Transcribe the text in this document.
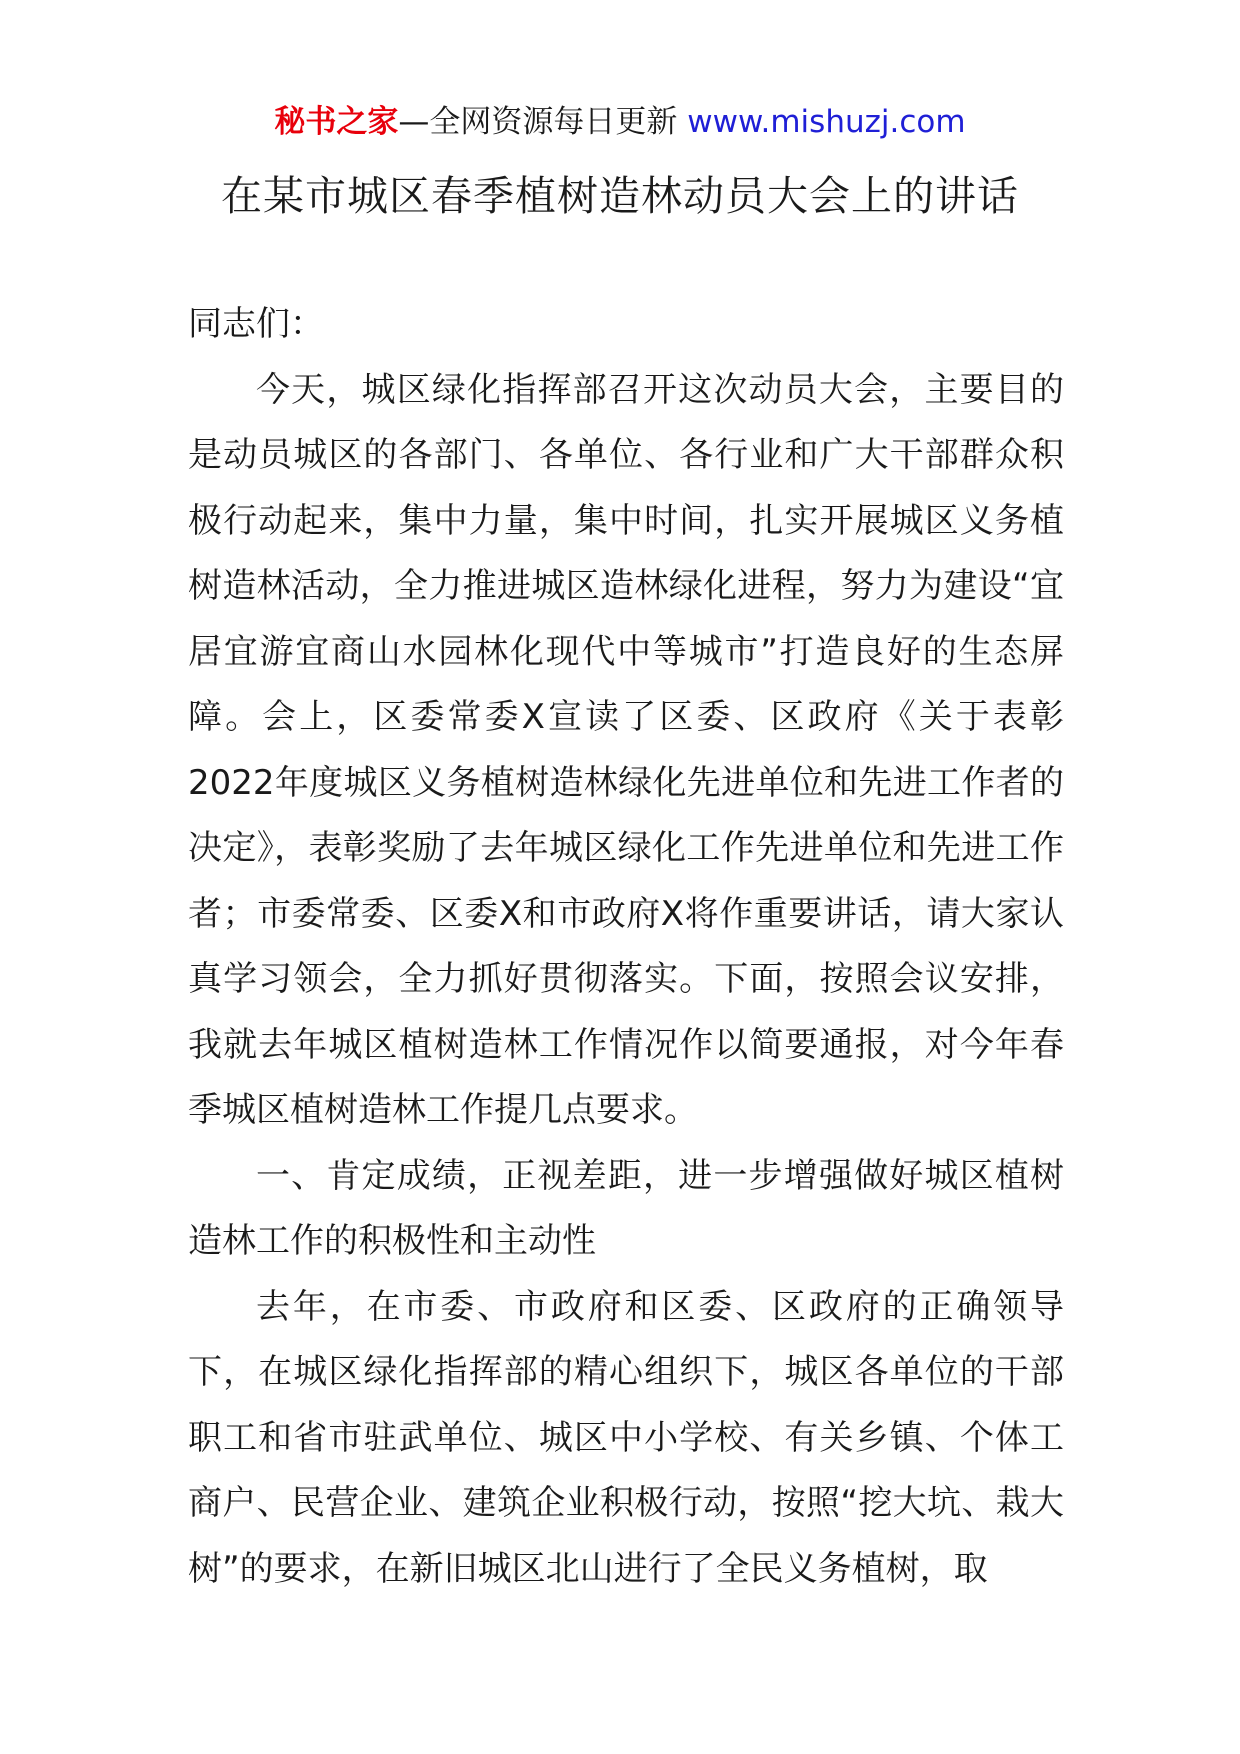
秘书之家—全网资源每日更新 www.mishuzj.com
在某市城区春季植树造林动员大会上的讲话

同志们：

今天，城区绿化指挥部召开这次动员大会，主要目的是动员城区的各部门、各单位、各行业和广大干部群众积极行动起来，集中力量，集中时间，扎实开展城区义务植树造林活动，全力推进城区造林绿化进程，努力为建设“宜居宜游宜商山水园林化现代中等城市”打造良好的生态屏障。会上，区委常委X宣读了区委、区政府《关于表彰2022年度城区义务植树造林绿化先进单位和先进工作者的决定》，表彰奖励了去年城区绿化工作先进单位和先进工作者；市委常委、区委X和市政府X将作重要讲话，请大家认真学习领会，全力抓好贯彻落实。下面，按照会议安排，我就去年城区植树造林工作情况作以简要通报，对今年春季城区植树造林工作提几点要求。

一、肯定成绩，正视差距，进一步增强做好城区植树造林工作的积极性和主动性

去年，在市委、市政府和区委、区政府的正确领导下，在城区绿化指挥部的精心组织下，城区各单位的干部职工和省市驻武单位、城区中小学校、有关乡镇、个体工商户、民营企业、建筑企业积极行动，按照“挖大坑、栽大树”的要求，在新旧城区北山进行了全民义务植树，取
